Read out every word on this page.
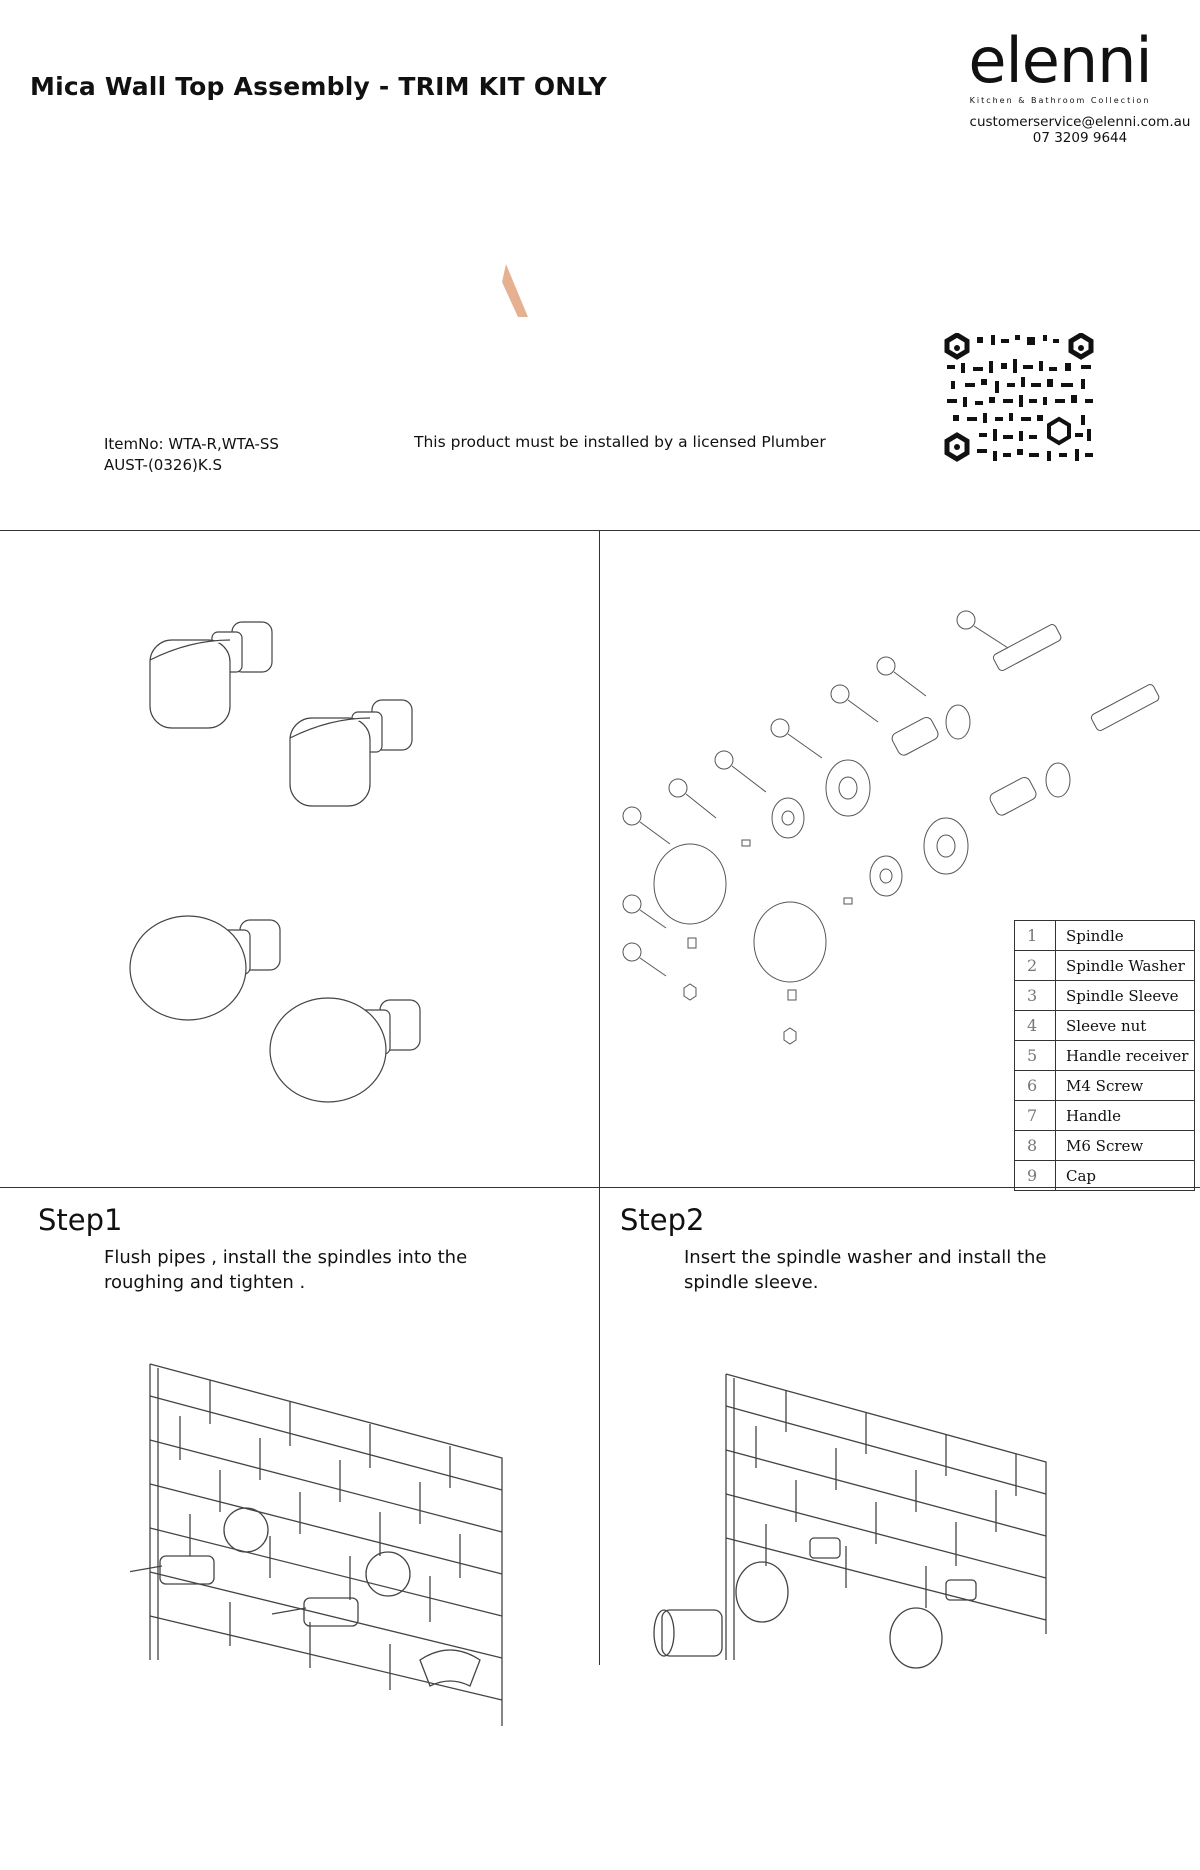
Mica Wall Top Assembly - TRIM KIT ONLY	elenni
Kitchen & Bathroom Collection
customerservice@elenni.com.au
07 3209 9644
ItemNo: WTA-R,WTA-SS
AUST-(0326)K.S
This product must be installed by a licensed Plumber
1	Spindle
2	Spindle Washer
3	Spindle Sleeve
4	Sleeve nut
5	Handle receiver
6	M4 Screw
7	Handle
8	M6 Screw
9	Cap
Step1
Flush pipes , install the spindles into the roughing and tighten .
Step2
Insert the spindle washer and install the spindle sleeve.
